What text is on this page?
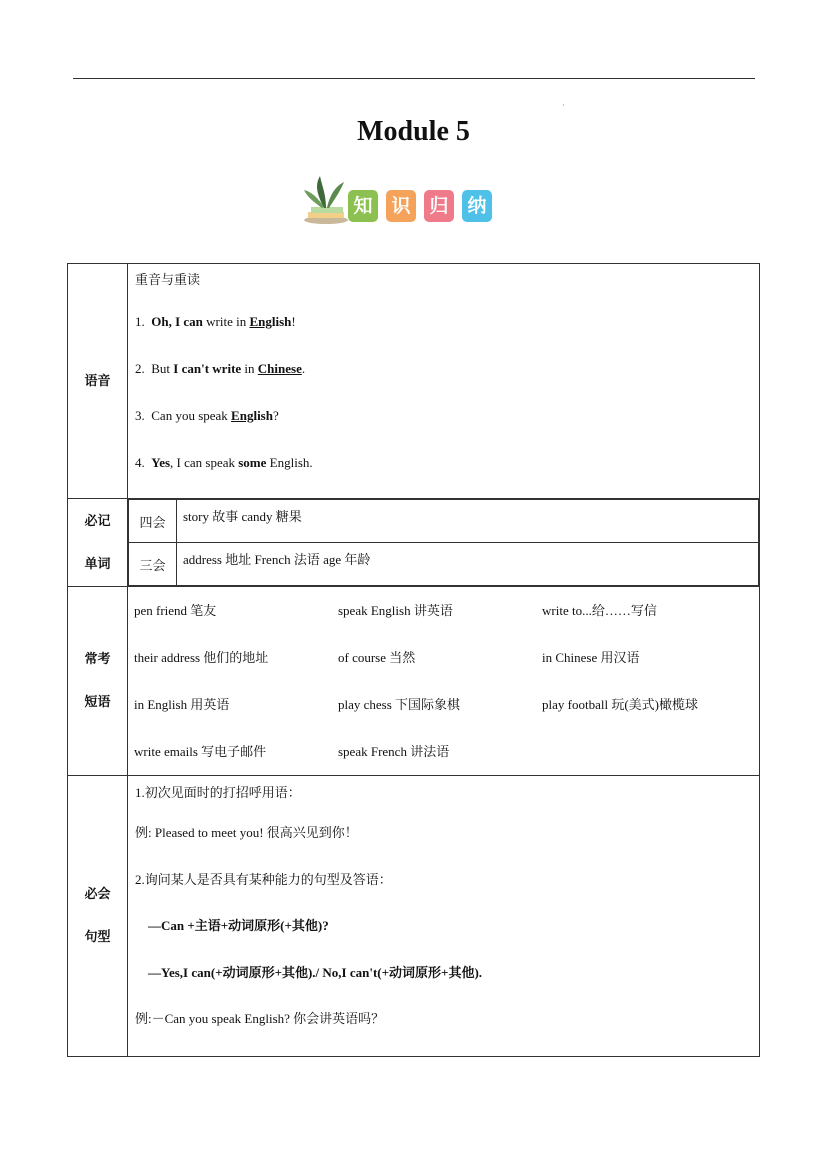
·
Module 5
知 识 归 纳
语音	
重音与重读
1. Oh, I can write in English!
2. But I can't write in Chinese.
3. Can you speak English?
4. Yes, I can speak some English.

必记
单词

四会	story 故事 candy 糖果
三会	address 地址 French 法语 age 年龄

常考
短语

pen friend 笔友	speak English 讲英语	write to...给……写信
their address 他们的地址	of course 当然	in Chinese 用汉语
in English 用英语	play chess 下国际象棋	play football 玩(美式)橄榄球
write emails 写电子邮件	speak French 讲法语

必会
句型

1.初次见面时的打招呼用语：
例: Pleased to meet you! 很高兴见到你！
2.询问某人是否具有某种能力的句型及答语：
—Can +主语+动词原形(+其他)?
—Yes,I can(+动词原形+其他)./ No,I can't(+动词原形+其他).
例:－Can you speak English? 你会讲英语吗？
